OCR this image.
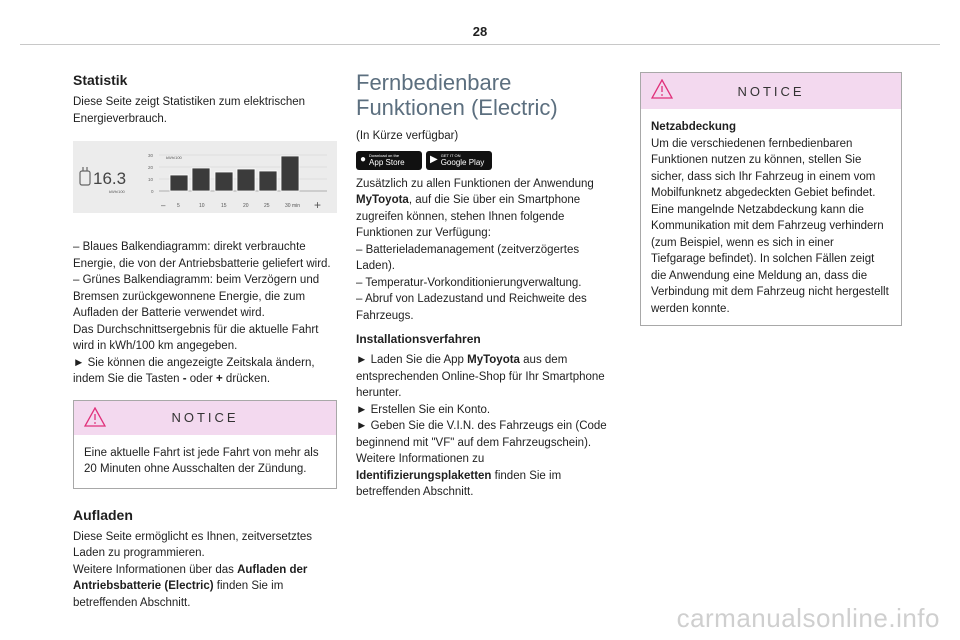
28
Statistik

Diese Seite zeigt Statistiken zum elektrischen Energieverbrauch.

16.3
kWh/100
kWh/100
30
20
10
0
5	10	15	20	25	30 min
–	+

– Blaues Balkendiagramm: direkt verbrauchte Energie, die von der Antriebsbatterie geliefert wird.

– Grünes Balkendiagramm: beim Verzögern und Bremsen zurückgewonnene Energie, die zum Aufladen der Batterie verwendet wird.

Das Durchschnittsergebnis für die aktuelle Fahrt wird in kWh/100 km angegeben.

► Sie können die angezeigte Zeitskala ändern, indem Sie die Tasten - oder + drücken.

NOTICE

Eine aktuelle Fahrt ist jede Fahrt von mehr als 20 Minuten ohne Ausschalten der Zündung.

Aufladen

Diese Seite ermöglicht es Ihnen, zeitversetztes Laden zu programmieren.

Weitere Informationen über das Aufladen der Antriebsbatterie (Electric) finden Sie im betreffenden Abschnitt.

Fernbedienbare Funktionen (Electric)

(In Kürze verfügbar)

● Download on the
App Store	▶ GET IT ON
Google Play

Zusätzlich zu allen Funktionen der Anwendung MyToyota, auf die Sie über ein Smartphone zugreifen können, stehen Ihnen folgende Funktionen zur Verfügung:

– Batterielademanagement (zeitverzögertes Laden).

– Temperatur-Vorkonditionierungverwaltung.

– Abruf von Ladezustand und Reichweite des Fahrzeugs.

Installationsverfahren

► Laden Sie die App MyToyota aus dem entsprechenden Online-Shop für Ihr Smartphone herunter.

► Erstellen Sie ein Konto.

► Geben Sie die V.I.N. des Fahrzeugs ein (Code beginnend mit "VF" auf dem Fahrzeugschein).

Weitere Informationen zu Identifizierungsplaketten finden Sie im betreffenden Abschnitt.

NOTICE

Netzabdeckung

Um die verschiedenen fernbedienbaren Funktionen nutzen zu können, stellen Sie sicher, dass sich Ihr Fahrzeug in einem vom Mobilfunknetz abgedeckten Gebiet befindet.

Eine mangelnde Netzabdeckung kann die Kommunikation mit dem Fahrzeug verhindern (zum Beispiel, wenn es sich in einer Tiefgarage befindet). In solchen Fällen zeigt die Anwendung eine Meldung an, dass die Verbindung mit dem Fahrzeug nicht hergestellt werden konnte.

carmanualsonline.info
